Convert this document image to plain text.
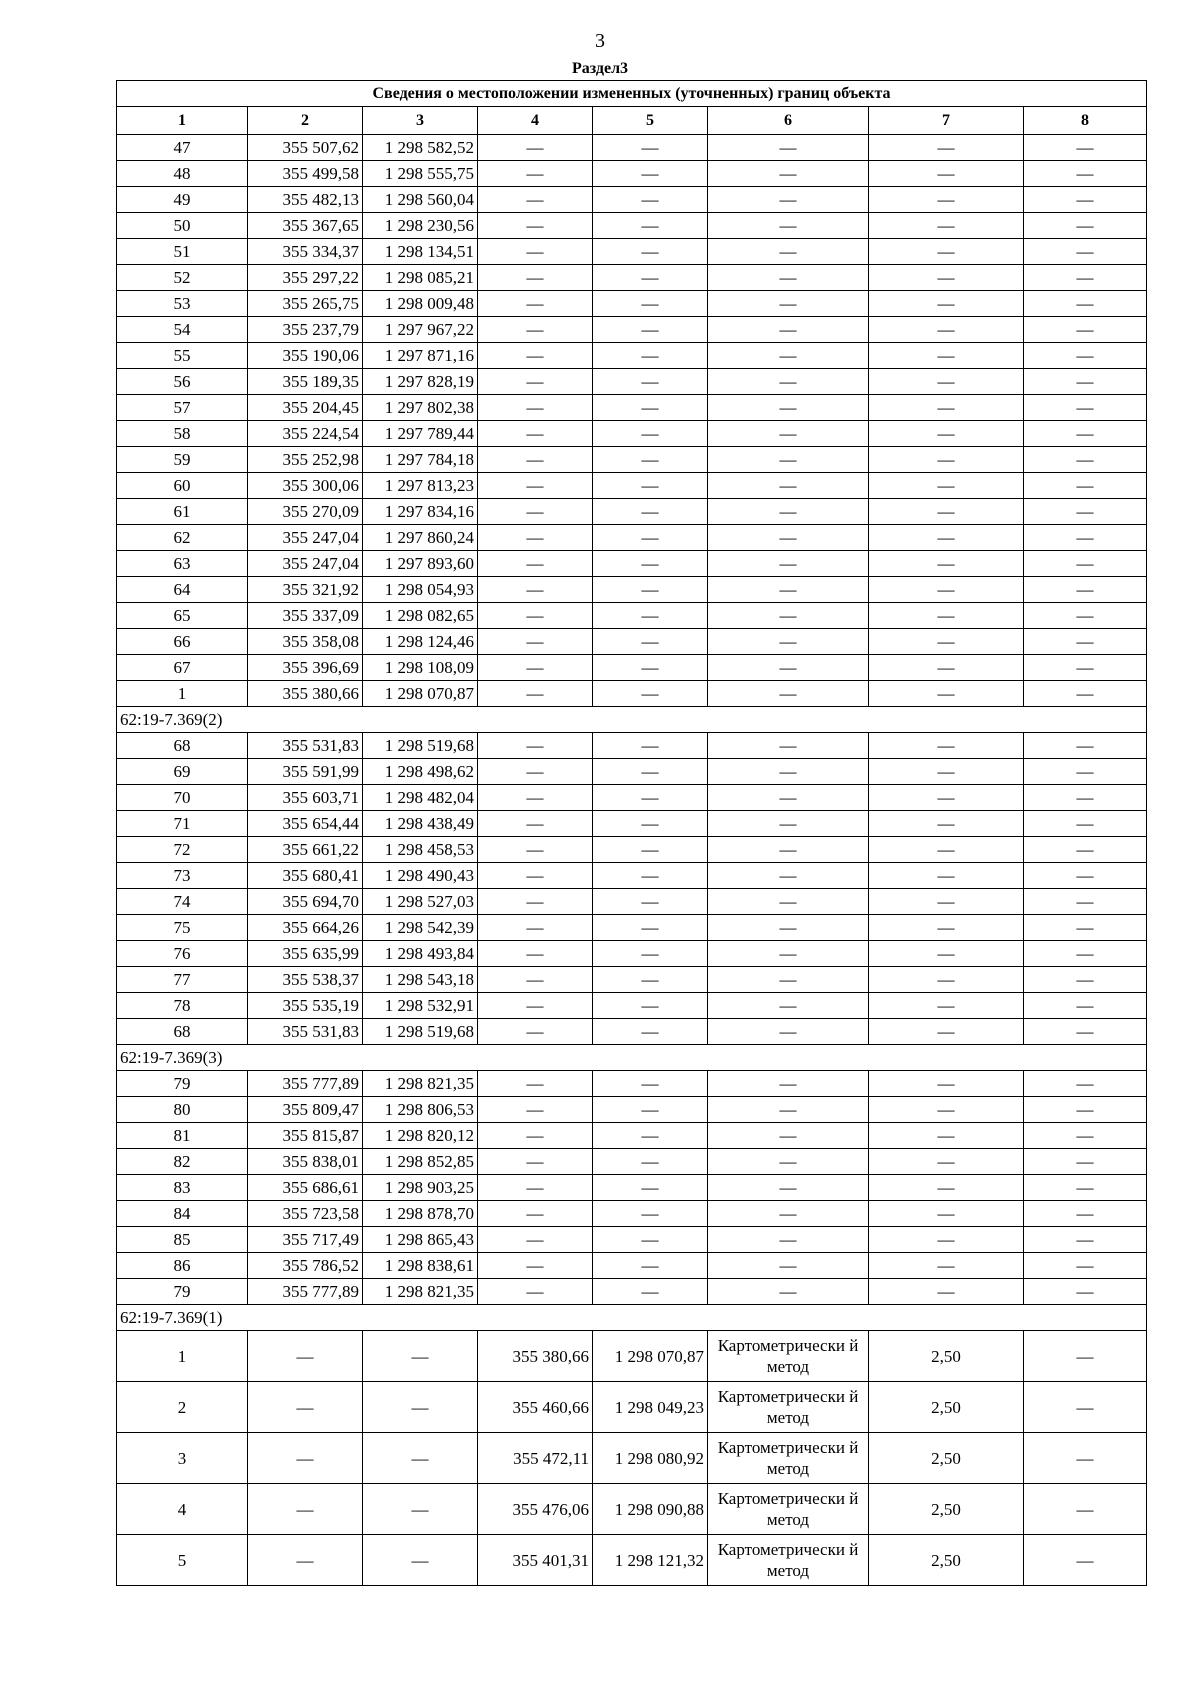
3
Раздел3
Сведения о местоположении измененных (уточненных) границ объекта							
1	2	3	4	5	6	7	8
47	355 507,62	1 298 582,52	—	—	—	—	—
48	355 499,58	1 298 555,75	—	—	—	—	—
49	355 482,13	1 298 560,04	—	—	—	—	—
50	355 367,65	1 298 230,56	—	—	—	—	—
51	355 334,37	1 298 134,51	—	—	—	—	—
52	355 297,22	1 298 085,21	—	—	—	—	—
53	355 265,75	1 298 009,48	—	—	—	—	—
54	355 237,79	1 297 967,22	—	—	—	—	—
55	355 190,06	1 297 871,16	—	—	—	—	—
56	355 189,35	1 297 828,19	—	—	—	—	—
57	355 204,45	1 297 802,38	—	—	—	—	—
58	355 224,54	1 297 789,44	—	—	—	—	—
59	355 252,98	1 297 784,18	—	—	—	—	—
60	355 300,06	1 297 813,23	—	—	—	—	—
61	355 270,09	1 297 834,16	—	—	—	—	—
62	355 247,04	1 297 860,24	—	—	—	—	—
63	355 247,04	1 297 893,60	—	—	—	—	—
64	355 321,92	1 298 054,93	—	—	—	—	—
65	355 337,09	1 298 082,65	—	—	—	—	—
66	355 358,08	1 298 124,46	—	—	—	—	—
67	355 396,69	1 298 108,09	—	—	—	—	—
1	355 380,66	1 298 070,87	—	—	—	—	—
62:19-7.369(2)							
68	355 531,83	1 298 519,68	—	—	—	—	—
69	355 591,99	1 298 498,62	—	—	—	—	—
70	355 603,71	1 298 482,04	—	—	—	—	—
71	355 654,44	1 298 438,49	—	—	—	—	—
72	355 661,22	1 298 458,53	—	—	—	—	—
73	355 680,41	1 298 490,43	—	—	—	—	—
74	355 694,70	1 298 527,03	—	—	—	—	—
75	355 664,26	1 298 542,39	—	—	—	—	—
76	355 635,99	1 298 493,84	—	—	—	—	—
77	355 538,37	1 298 543,18	—	—	—	—	—
78	355 535,19	1 298 532,91	—	—	—	—	—
68	355 531,83	1 298 519,68	—	—	—	—	—
62:19-7.369(3)							
79	355 777,89	1 298 821,35	—	—	—	—	—
80	355 809,47	1 298 806,53	—	—	—	—	—
81	355 815,87	1 298 820,12	—	—	—	—	—
82	355 838,01	1 298 852,85	—	—	—	—	—
83	355 686,61	1 298 903,25	—	—	—	—	—
84	355 723,58	1 298 878,70	—	—	—	—	—
85	355 717,49	1 298 865,43	—	—	—	—	—
86	355 786,52	1 298 838,61	—	—	—	—	—
79	355 777,89	1 298 821,35	—	—	—	—	—
62:19-7.369(1)							
1	—	—	355 380,66	1 298 070,87	Картометрически й метод	2,50	—
2	—	—	355 460,66	1 298 049,23	Картометрически й метод	2,50	—
3	—	—	355 472,11	1 298 080,92	Картометрически й метод	2,50	—
4	—	—	355 476,06	1 298 090,88	Картометрически й метод	2,50	—
5	—	—	355 401,31	1 298 121,32	Картометрически й метод	2,50	—
